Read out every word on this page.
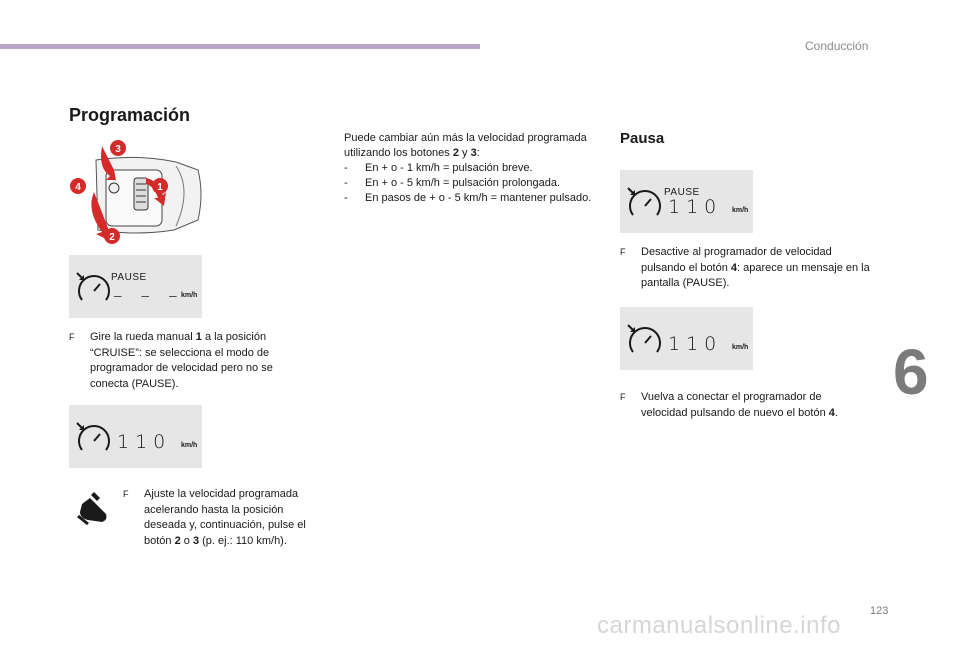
Conducción
6
123
carmanualsonline.info
Programación
3
4	1
2
PAUSE
– – –
km/h
F	Gire la rueda manual 1 a la posición “CRUISE”: se selecciona el modo de programador de velocidad pero no se conecta (PAUSE).
110 km/h
F	Ajuste la velocidad programada acelerando hasta la posición deseada y, continuación, pulse el botón 2 o 3 (p. ej.: 110 km/h).
Puede cambiar aún más la velocidad programada utilizando los botones 2 y 3:
- En + o - 1 km/h = pulsación breve.
- En + o - 5 km/h = pulsación prolongada.
- En pasos de + o - 5 km/h = mantener pulsado.
Pausa
PAUSE
110 km/h
F	Desactive al programador de velocidad pulsando el botón 4: aparece un mensaje en la pantalla (PAUSE).
110 km/h
F	Vuelva a conectar el programador de velocidad pulsando de nuevo el botón 4.
